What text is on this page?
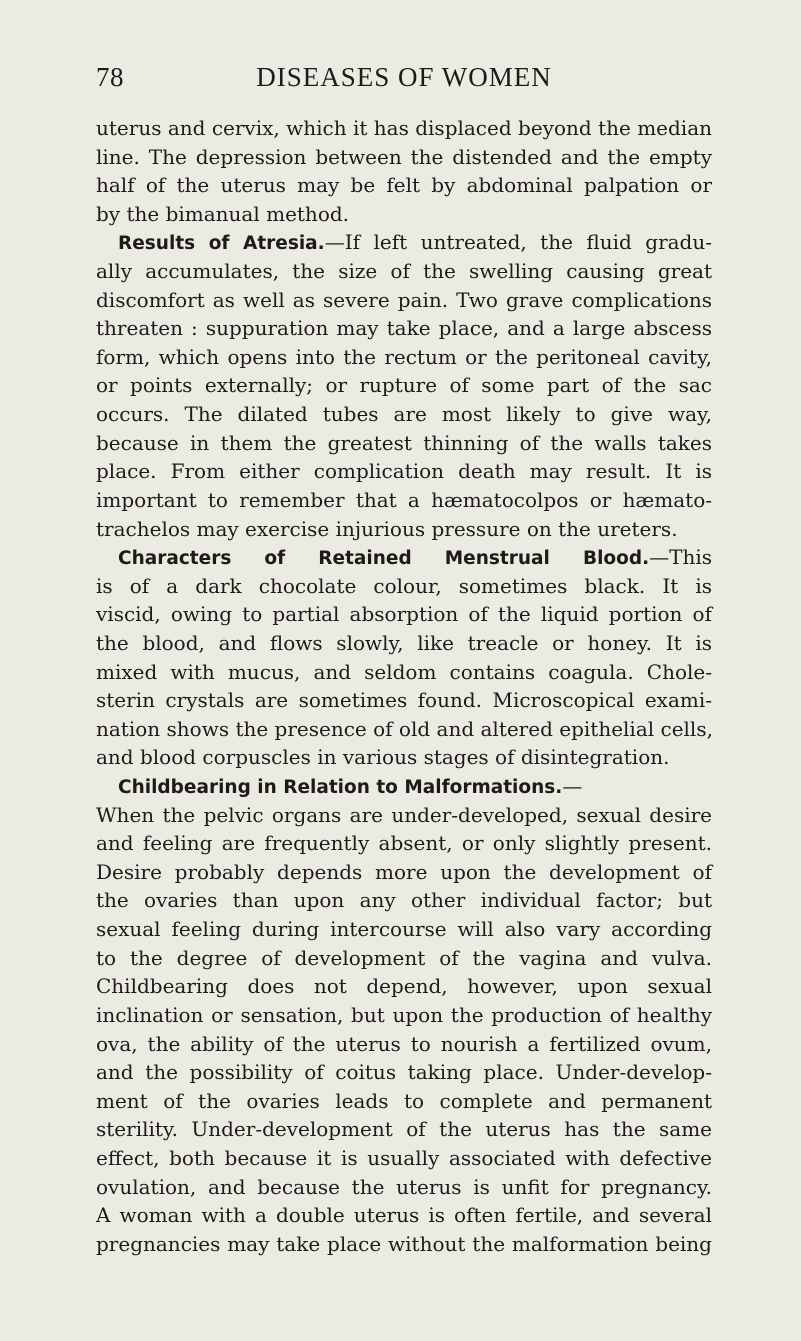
78	DISEASES OF WOMEN
uterus and cervix, which it has displaced beyond the median
line. The depression between the distended and the empty
half of the uterus may be felt by abdominal palpation or
by the bimanual method.
Results of Atresia.—If left untreated, the fluid gradu-
ally accumulates, the size of the swelling causing great
discomfort as well as severe pain. Two grave complications
threaten : suppuration may take place, and a large abscess
form, which opens into the rectum or the peritoneal cavity,
or points externally; or rupture of some part of the sac
occurs. The dilated tubes are most likely to give way,
because in them the greatest thinning of the walls takes
place. From either complication death may result. It is
important to remember that a hæmatocolpos or hæmato-
trachelos may exercise injurious pressure on the ureters.
Characters of Retained Menstrual Blood.—This
is of a dark chocolate colour, sometimes black. It is
viscid, owing to partial absorption of the liquid portion of
the blood, and flows slowly, like treacle or honey. It is
mixed with mucus, and seldom contains coagula. Chole-
sterin crystals are sometimes found. Microscopical exami-
nation shows the presence of old and altered epithelial cells,
and blood corpuscles in various stages of disintegration.
Childbearing in Relation to Malformations.—
When the pelvic organs are under-developed, sexual desire
and feeling are frequently absent, or only slightly present.
Desire probably depends more upon the development of
the ovaries than upon any other individual factor; but
sexual feeling during intercourse will also vary according
to the degree of development of the vagina and vulva.
Childbearing does not depend, however, upon sexual
inclination or sensation, but upon the production of healthy
ova, the ability of the uterus to nourish a fertilized ovum,
and the possibility of coitus taking place. Under-develop-
ment of the ovaries leads to complete and permanent
sterility. Under-development of the uterus has the same
effect, both because it is usually associated with defective
ovulation, and because the uterus is unfit for pregnancy.
A woman with a double uterus is often fertile, and several
pregnancies may take place without the malformation being
